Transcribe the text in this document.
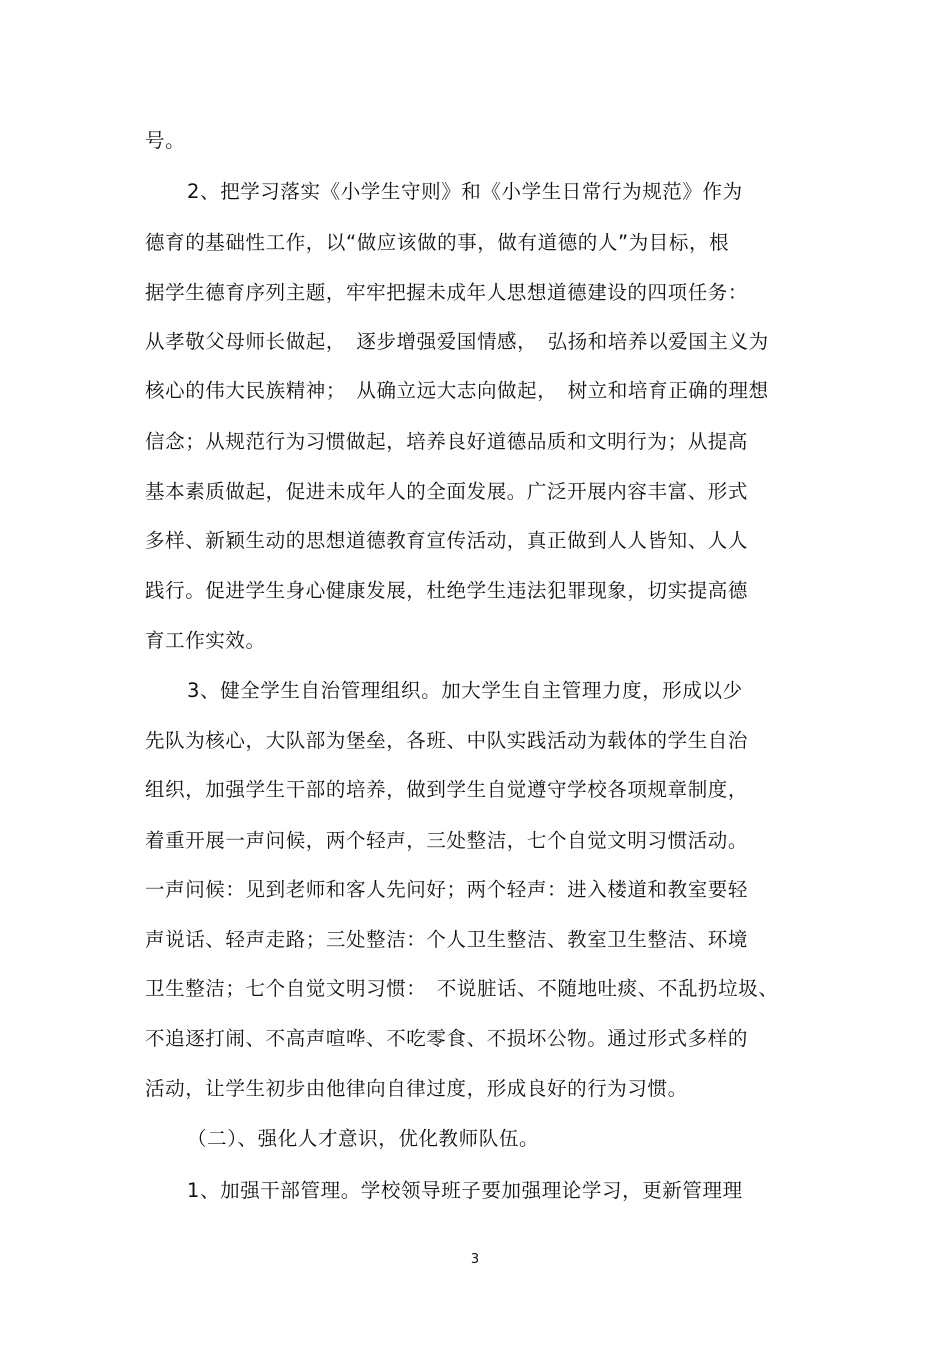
号。
2、把学习落实《小学生守则》和《小学生日常行为规范》作为
德育的基础性工作，以“做应该做的事，做有道德的人”为目标，根
据学生德育序列主题，牢牢把握未成年人思想道德建设的四项任务：
从孝敬父母师长做起，　逐步增强爱国情感，　弘扬和培养以爱国主义为
核心的伟大民族精神；　从确立远大志向做起，　树立和培育正确的理想
信念；从规范行为习惯做起，培养良好道德品质和文明行为；从提高
基本素质做起，促进未成年人的全面发展。广泛开展内容丰富、形式
多样、新颖生动的思想道德教育宣传活动，真正做到人人皆知、人人
践行。促进学生身心健康发展，杜绝学生违法犯罪现象，切实提高德
育工作实效。
3、健全学生自治管理组织。加大学生自主管理力度，形成以少
先队为核心，大队部为堡垒，各班、中队实践活动为载体的学生自治
组织，加强学生干部的培养，做到学生自觉遵守学校各项规章制度，
着重开展一声问候，两个轻声，三处整洁，七个自觉文明习惯活动。
一声问候：见到老师和客人先问好；两个轻声：进入楼道和教室要轻
声说话、轻声走路；三处整洁：个人卫生整洁、教室卫生整洁、环境
卫生整洁；七个自觉文明习惯：　不说脏话、不随地吐痰、不乱扔垃圾、
不追逐打闹、不高声喧哗、不吃零食、不损坏公物。通过形式多样的
活动，让学生初步由他律向自律过度，形成良好的行为习惯。
（二）、强化人才意识，优化教师队伍。
1、加强干部管理。学校领导班子要加强理论学习，更新管理理
3
